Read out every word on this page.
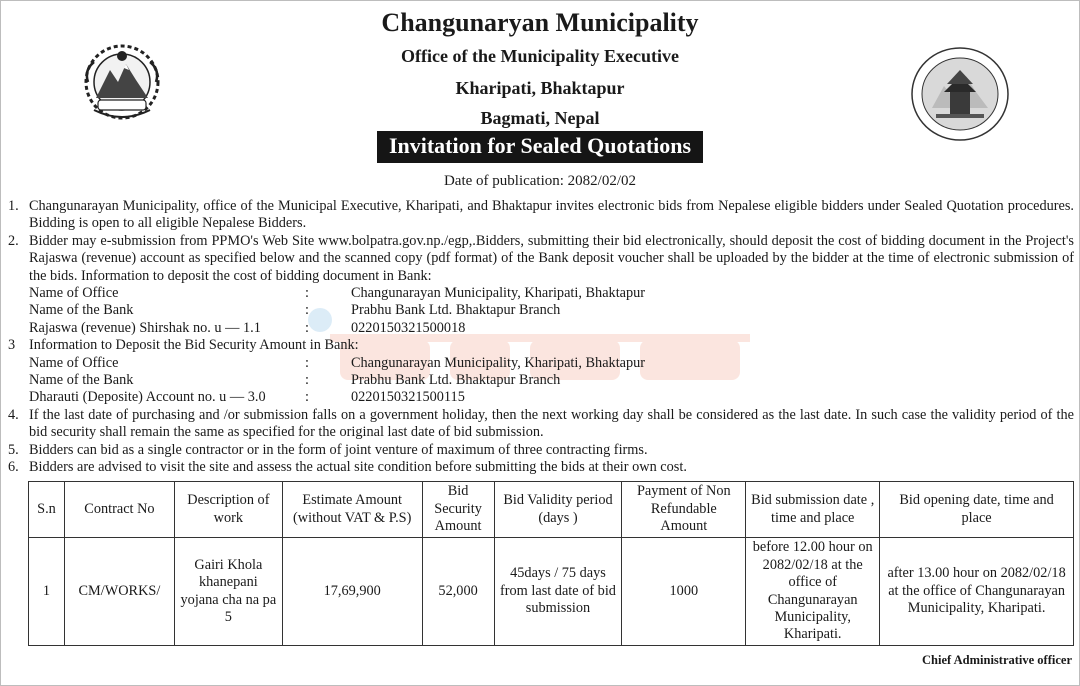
Changunaryan Municipality
Office of the Municipality Executive
Kharipati, Bhaktapur
Bagmati, Nepal
Invitation for Sealed Quotations
Date of publication: 2082/02/02
1. Changunarayan Municipality, office of the Municipal Executive, Kharipati, and Bhaktapur invites electronic bids from Nepalese eligible bidders under Sealed Quotation procedures. Bidding is open to all eligible Nepalese Bidders.
2. Bidder may e-submission from PPMO's Web Site www.bolpatra.gov.np./egp,.Bidders, submitting their bid electronically, should deposit the cost of bidding document in the Project's Rajaswa (revenue) account as specified below and the scanned copy (pdf format) of the Bank deposit voucher shall be uploaded by the bidder at the time of electronic submission of the bids. Information to deposit the cost of bidding document in Bank:
Name of Office	:	Changunarayan Municipality, Kharipati, Bhaktapur
Name of the Bank	:	Prabhu Bank Ltd. Bhaktapur Branch
Rajaswa (revenue) Shirshak no. u — 1.1	:	0220150321500018
3 Information to Deposit the Bid Security Amount in Bank:
Name of Office	:	Changunarayan Municipality, Kharipati, Bhaktapur
Name of the Bank	:	Prabhu Bank Ltd. Bhaktapur Branch
Dharauti (Deposite) Account no. u — 3.0	:	0220150321500115
4. If the last date of purchasing and /or submission falls on a government holiday, then the next working day shall be considered as the last date. In such case the validity period of the bid security shall remain the same as specified for the original last date of bid submission.
5. Bidders can bid as a single contractor or in the form of joint venture of maximum of three contracting firms.
6. Bidders are advised to visit the site and assess the actual site condition before submitting the bids at their own cost.
S.n	Contract No	Description of work	Estimate Amount (without VAT & P.S)	Bid Security Amount	Bid Validity period (days )	Payment of Non Refundable Amount	Bid submission date , time and place	Bid opening date, time and place
1	CM/WORKS/	Gairi Khola khanepani yojana cha na pa 5	17,69,900	52,000	45days / 75 days from last date of bid submission	1000	before 12.00 hour on 2082/02/18 at the office of Changunarayan Municipality, Kharipati.	after 13.00 hour on 2082/02/18 at the office of Changunarayan Municipality, Kharipati.
Chief Administrative officer
